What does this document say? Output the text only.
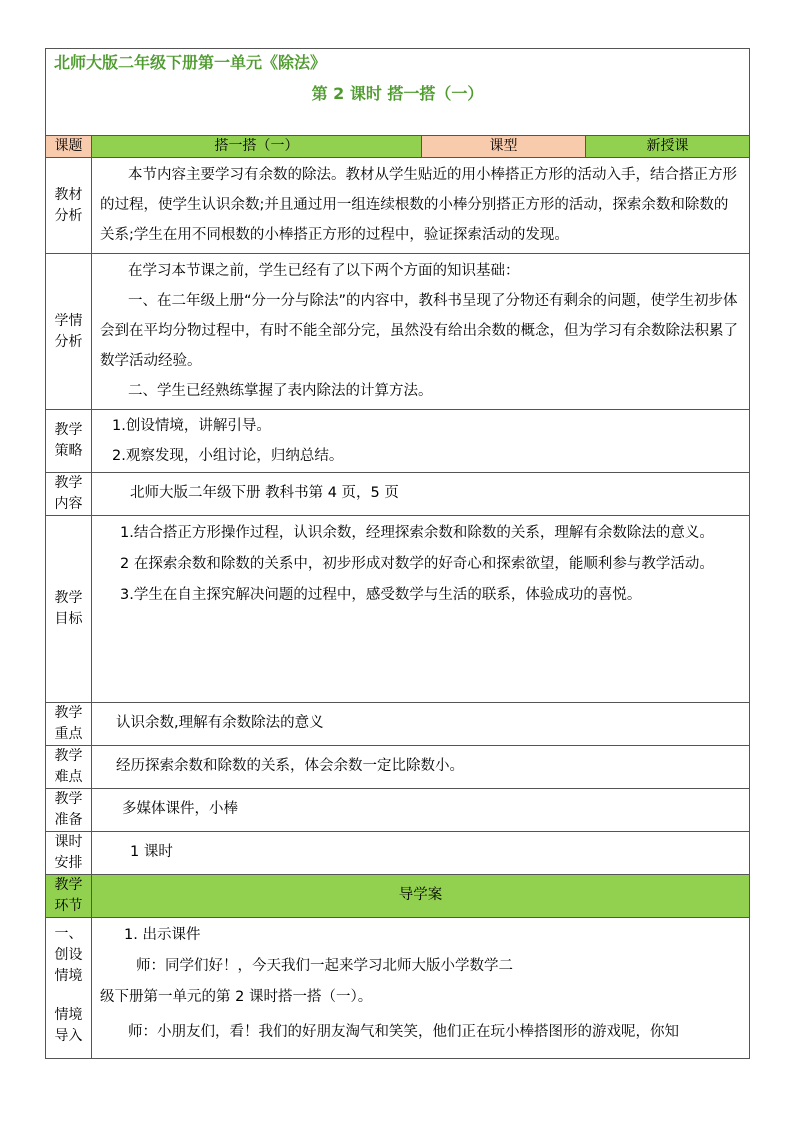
北师大版二年级下册第一单元《除法》
第 2 课时 搭一搭（一）			

课题	搭一搭（一）	课型	新授课
教材分析	本节内容主要学习有余数的除法。教材从学生贴近的用小棒搭正方形的活动入手，结合搭正方形的过程，使学生认识余数;并且通过用一组连续根数的小棒分别搭正方形的活动，探索余数和除数的关系;学生在用不同根数的小棒搭正方形的过程中，验证探索活动的发现。		

学情分析	在学习本节课之前，学生已经有了以下两个方面的知识基础：

一、在二年级上册“分一分与除法”的内容中，教科书呈现了分物还有剩余的问题，使学生初步体会到在平均分物过程中，有时不能全部分完，虽然没有给出余数的概念，但为学习有余数除法积累了数学活动经验。

二、学生已经熟练掌握了表内除法的计算方法。		

教学策略	1.创设情境，讲解引导。

2.观察发现，小组讨论，归纳总结。		

教学内容	北师大版二年级下册 教科书第 4 页，5 页		
教学目标	1.结合搭正方形操作过程，认识余数，经理探索余数和除数的关系，理解有余数除法的意义。

2 在探索余数和除数的关系中，初步形成对数学的好奇心和探索欲望，能顺利参与教学活动。

3.学生在自主探究解决问题的过程中，感受数学与生活的联系，体验成功的喜悦。		

教学重点	认识余数,理解有余数除法的意义		
教学难点	经历探索余数和除数的关系，体会余数一定比除数小。		
教学准备	多媒体课件，小棒		
课时安排	1 课时		
教学环节	导学案		
一、创设情境 情境导入	1. 出示课件

师：同学们好！，今天我们一起来学习北师大版小学数学二

级下册第一单元的第 2 课时搭一搭（一）。

师：小朋友们，看！我们的好朋友淘气和笑笑，他们正在玩小棒搭图形的游戏呢，你知		
